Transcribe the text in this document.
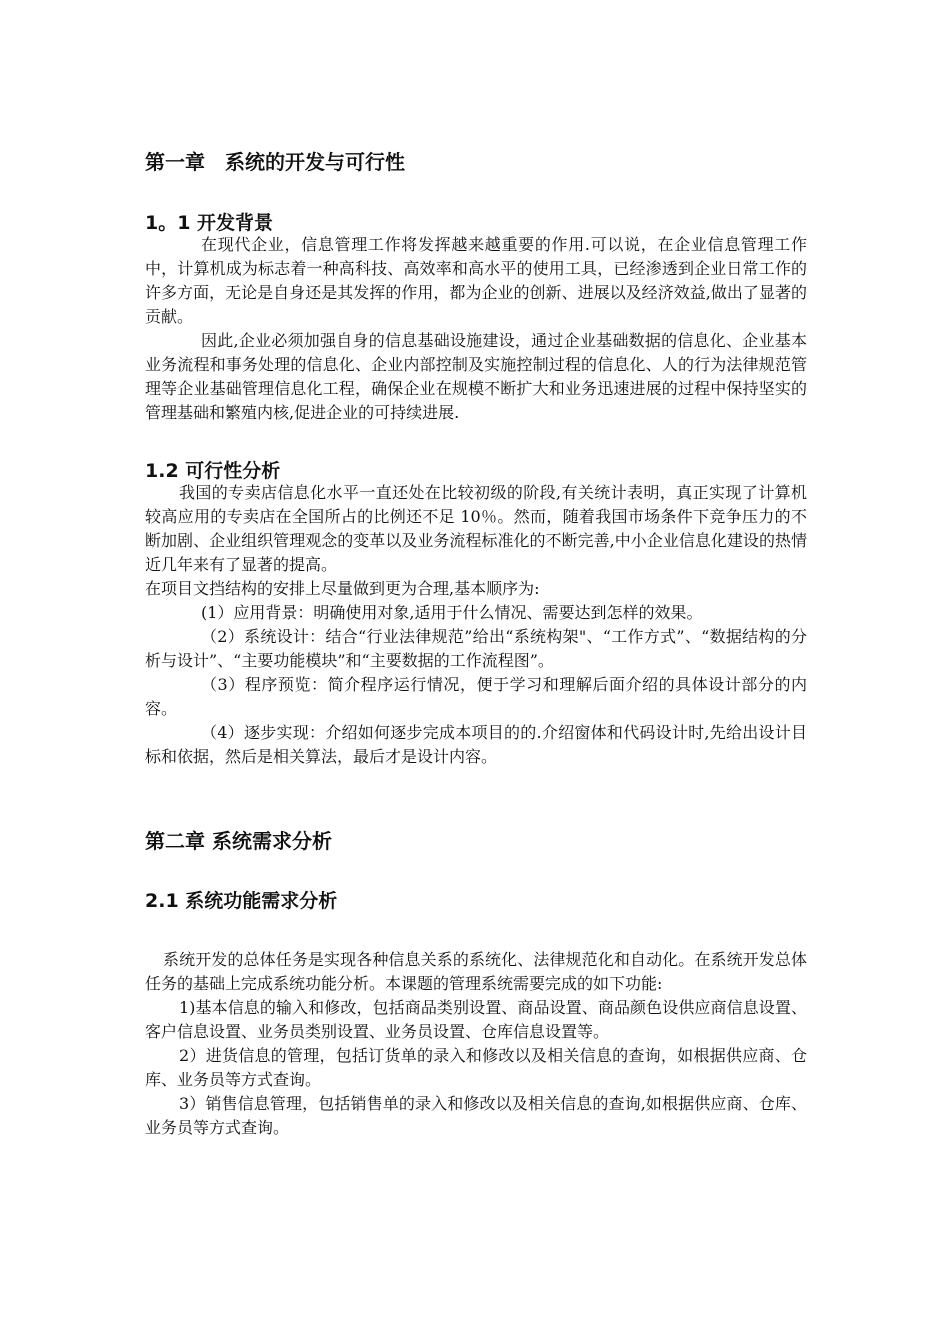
第一章　系统的开发与可行性
1。1 开发背景

在现代企业，信息管理工作将发挥越来越重要的作用.可以说，在企业信息管理工作中，计算机成为标志着一种高科技、高效率和高水平的使用工具，已经渗透到企业日常工作的许多方面，无论是自身还是其发挥的作用，都为企业的创新、进展以及经济效益,做出了显著的贡献。

因此,企业必须加强自身的信息基础设施建设，通过企业基础数据的信息化、企业基本业务流程和事务处理的信息化、企业内部控制及实施控制过程的信息化、人的行为法律规范管理等企业基础管理信息化工程，确保企业在规模不断扩大和业务迅速进展的过程中保持坚实的管理基础和繁殖内核,促进企业的可持续进展.

1.2 可行性分析

我国的专卖店信息化水平一直还处在比较初级的阶段,有关统计表明，真正实现了计算机较高应用的专卖店在全国所占的比例还不足 10％。然而，随着我国市场条件下竞争压力的不断加剧、企业组织管理观念的变革以及业务流程标准化的不断完善,中小企业信息化建设的热情近几年来有了显著的提高。

在项目文挡结构的安排上尽量做到更为合理,基本顺序为:

(1）应用背景：明确使用对象,适用于什么情况、需要达到怎样的效果。

（2）系统设计：结合“行业法律规范”给出“系统构架"、“工作方式”、“数据结构的分析与设计”、“主要功能模块”和“主要数据的工作流程图”。

（3）程序预览：简介程序运行情况，便于学习和理解后面介绍的具体设计部分的内容。

（4）逐步实现：介绍如何逐步完成本项目的的.介绍窗体和代码设计时,先给出设计目标和依据，然后是相关算法，最后才是设计内容。

第二章 系统需求分析
2.1 系统功能需求分析

系统开发的总体任务是实现各种信息关系的系统化、法律规范化和自动化。在系统开发总体任务的基础上完成系统功能分析。本课题的管理系统需要完成的如下功能:

1)基本信息的输入和修改，包括商品类别设置、商品设置、商品颜色设供应商信息设置、客户信息设置、业务员类别设置、业务员设置、仓库信息设置等。

2）进货信息的管理，包括订货单的录入和修改以及相关信息的查询，如根据供应商、仓库、业务员等方式查询。

3）销售信息管理，包括销售单的录入和修改以及相关信息的查询,如根据供应商、仓库、业务员等方式查询。
